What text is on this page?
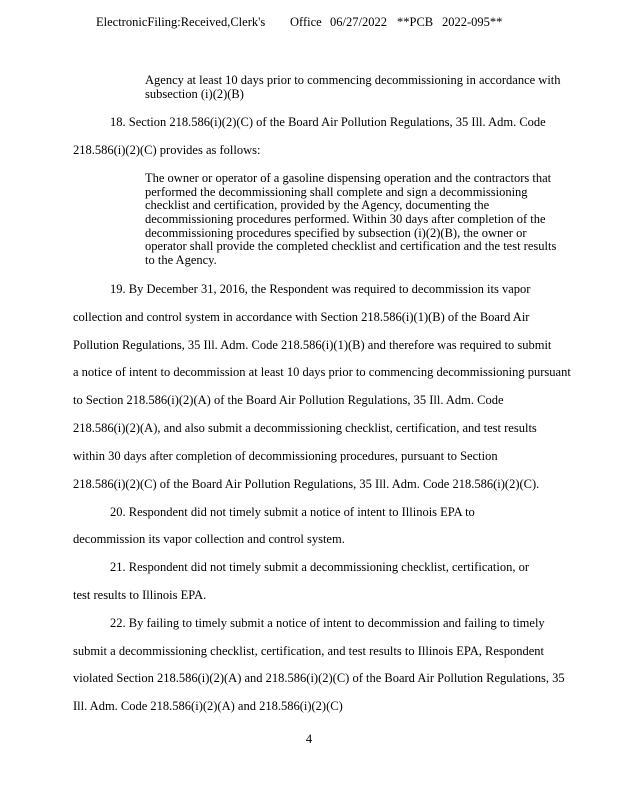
ElectronicFiling:Received,Clerk's Office 06/27/2022 **PCB 2022-095**
Agency at least 10 days prior to commencing decommissioning in accordance with
subsection (i)(2)(B)
18. Section 218.586(i)(2)(C) of the Board Air Pollution Regulations, 35 Ill. Adm. Code
218.586(i)(2)(C) provides as follows:
The owner or operator of a gasoline dispensing operation and the contractors that
performed the decommissioning shall complete and sign a decommissioning
checklist and certification, provided by the Agency, documenting the
decommissioning procedures performed. Within 30 days after completion of the
decommissioning procedures specified by subsection (i)(2)(B), the owner or
operator shall provide the completed checklist and certification and the test results
to the Agency.
19. By December 31, 2016, the Respondent was required to decommission its vapor
collection and control system in accordance with Section 218.586(i)(1)(B) of the Board Air
Pollution Regulations, 35 Ill. Adm. Code 218.586(i)(1)(B) and therefore was required to submit
a notice of intent to decommission at least 10 days prior to commencing decommissioning pursuant
to Section 218.586(i)(2)(A) of the Board Air Pollution Regulations, 35 Ill. Adm. Code
218.586(i)(2)(A), and also submit a decommissioning checklist, certification, and test results
within 30 days after completion of decommissioning procedures, pursuant to Section
218.586(i)(2)(C) of the Board Air Pollution Regulations, 35 Ill. Adm. Code 218.586(i)(2)(C).
20. Respondent did not timely submit a notice of intent to Illinois EPA to
decommission its vapor collection and control system.
21. Respondent did not timely submit a decommissioning checklist, certification, or
test results to Illinois EPA.
22. By failing to timely submit a notice of intent to decommission and failing to timely
submit a decommissioning checklist, certification, and test results to Illinois EPA, Respondent
violated Section 218.586(i)(2)(A) and 218.586(i)(2)(C) of the Board Air Pollution Regulations, 35
Ill. Adm. Code 218.586(i)(2)(A) and 218.586(i)(2)(C)
4
